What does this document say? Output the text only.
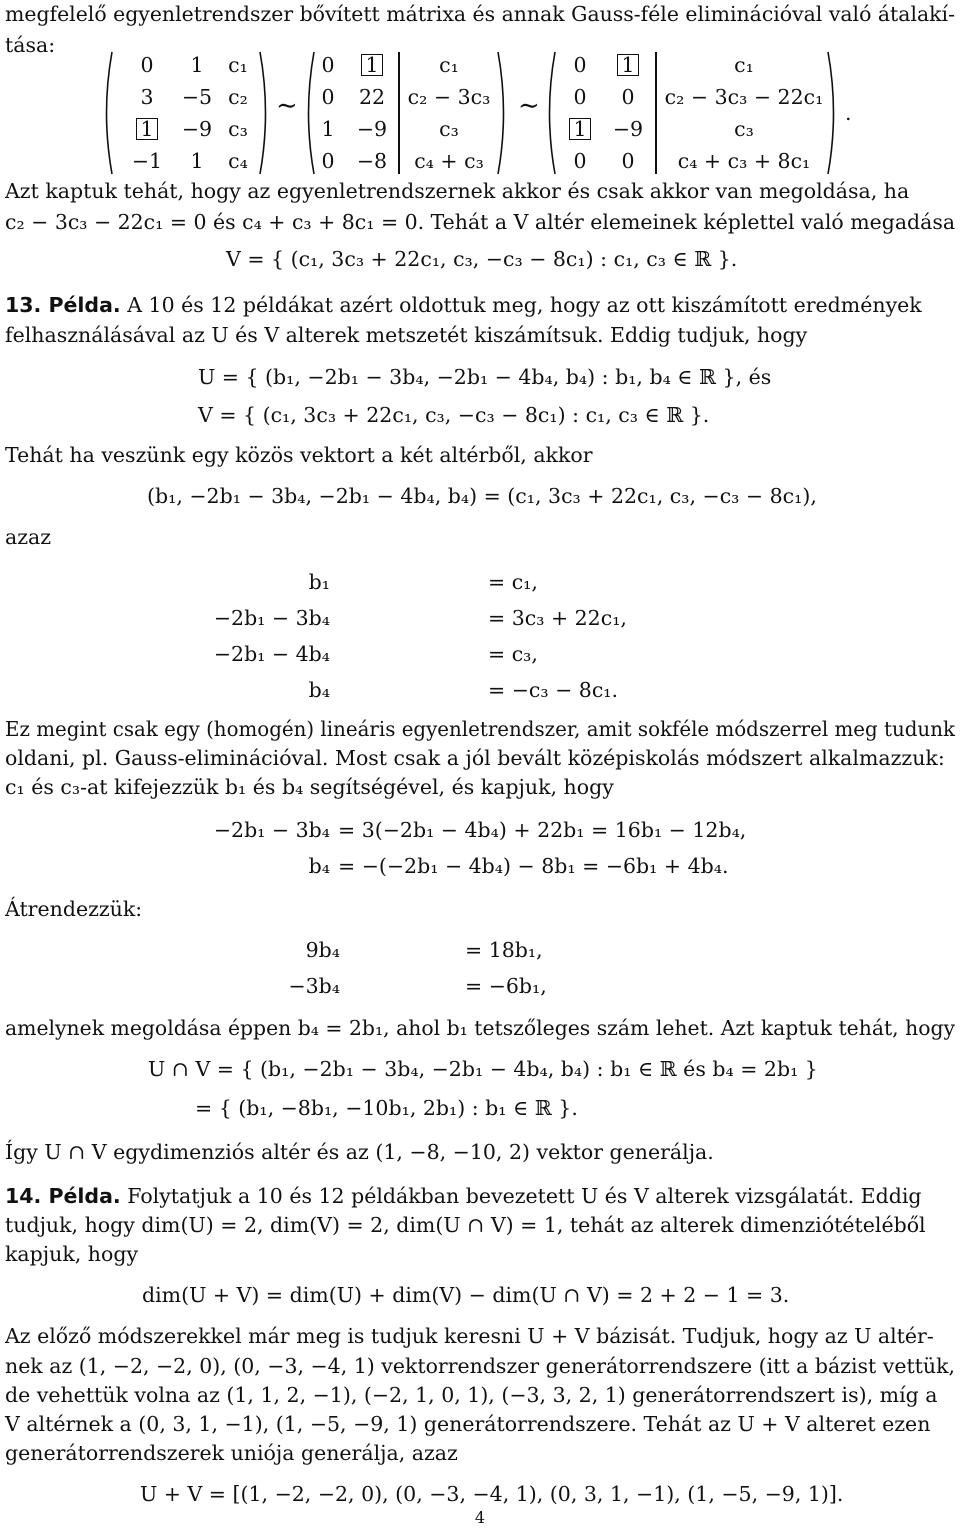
megfelelő egyenletrendszer bővített mátrixa és annak Gauss-féle eliminációval való átalakí-
tása:
0	1	c₁
3	−5 c₂
1	−9 c₃
−1	1	c₄
∼
0	1	c₁
0	22	c₂ − 3c₃
1	−9	c₃
0	−8	c₄ + c₃
∼
0	1	c₁
0	0	c₂ − 3c₃ − 22c₁
1	−9	c₃
0	0	c₄ + c₃ + 8c₁
.
Azt kaptuk tehát, hogy az egyenletrendszernek akkor és csak akkor van megoldása, ha
c₂ − 3c₃ − 22c₁ = 0 és c₄ + c₃ + 8c₁ = 0. Tehát a V altér elemeinek képlettel való megadása
V = { (c₁, 3c₃ + 22c₁, c₃, −c₃ − 8c₁) : c₁, c₃ ∈ ℝ }.
13. Példa. A 10 és 12 példákat azért oldottuk meg, hogy az ott kiszámított eredmények
felhasználásával az U és V alterek metszetét kiszámítsuk. Eddig tudjuk, hogy
U = { (b₁, −2b₁ − 3b₄, −2b₁ − 4b₄, b₄) : b₁, b₄ ∈ ℝ }, és
V = { (c₁, 3c₃ + 22c₁, c₃, −c₃ − 8c₁) : c₁, c₃ ∈ ℝ }.
Tehát ha veszünk egy közös vektort a két altérből, akkor
(b₁, −2b₁ − 3b₄, −2b₁ − 4b₄, b₄) = (c₁, 3c₃ + 22c₁, c₃, −c₃ − 8c₁),
azaz
b₁	= c₁,
−2b₁ − 3b₄	= 3c₃ + 22c₁,
−2b₁ − 4b₄	= c₃,
b₄	= −c₃ − 8c₁.
Ez megint csak egy (homogén) lineáris egyenletrendszer, amit sokféle módszerrel meg tudunk
oldani, pl. Gauss-eliminációval. Most csak a jól bevált középiskolás módszert alkalmazzuk:
c₁ és c₃-at kifejezzük b₁ és b₄ segítségével, és kapjuk, hogy
−2b₁ − 3b₄ = 3(−2b₁ − 4b₄) + 22b₁ = 16b₁ − 12b₄,
b₄ = −(−2b₁ − 4b₄) − 8b₁ = −6b₁ + 4b₄.
Átrendezzük:
9b₄	= 18b₁,
−3b₄	= −6b₁,
amelynek megoldása éppen b₄ = 2b₁, ahol b₁ tetszőleges szám lehet. Azt kaptuk tehát, hogy
U ∩ V = { (b₁, −2b₁ − 3b₄, −2b₁ − 4b₄, b₄) : b₁ ∈ ℝ és b₄ = 2b₁ }
= { (b₁, −8b₁, −10b₁, 2b₁) : b₁ ∈ ℝ }.
Így U ∩ V egydimenziós altér és az (1, −8, −10, 2) vektor generálja.
14. Példa. Folytatjuk a 10 és 12 példákban bevezetett U és V alterek vizsgálatát. Eddig
tudjuk, hogy dim(U) = 2, dim(V) = 2, dim(U ∩ V) = 1, tehát az alterek dimenziótételéből
kapjuk, hogy
dim(U + V) = dim(U) + dim(V) − dim(U ∩ V) = 2 + 2 − 1 = 3.
Az előző módszerekkel már meg is tudjuk keresni U + V bázisát. Tudjuk, hogy az U altér-
nek az (1, −2, −2, 0), (0, −3, −4, 1) vektorrendszer generátorrendszere (itt a bázist vettük,
de vehettük volna az (1, 1, 2, −1), (−2, 1, 0, 1), (−3, 3, 2, 1) generátorrendszert is), míg a
V altérnek a (0, 3, 1, −1), (1, −5, −9, 1) generátorrendszere. Tehát az U + V alteret ezen
generátorrendszerek uniója generálja, azaz
U + V = [(1, −2, −2, 0), (0, −3, −4, 1), (0, 3, 1, −1), (1, −5, −9, 1)].
4
